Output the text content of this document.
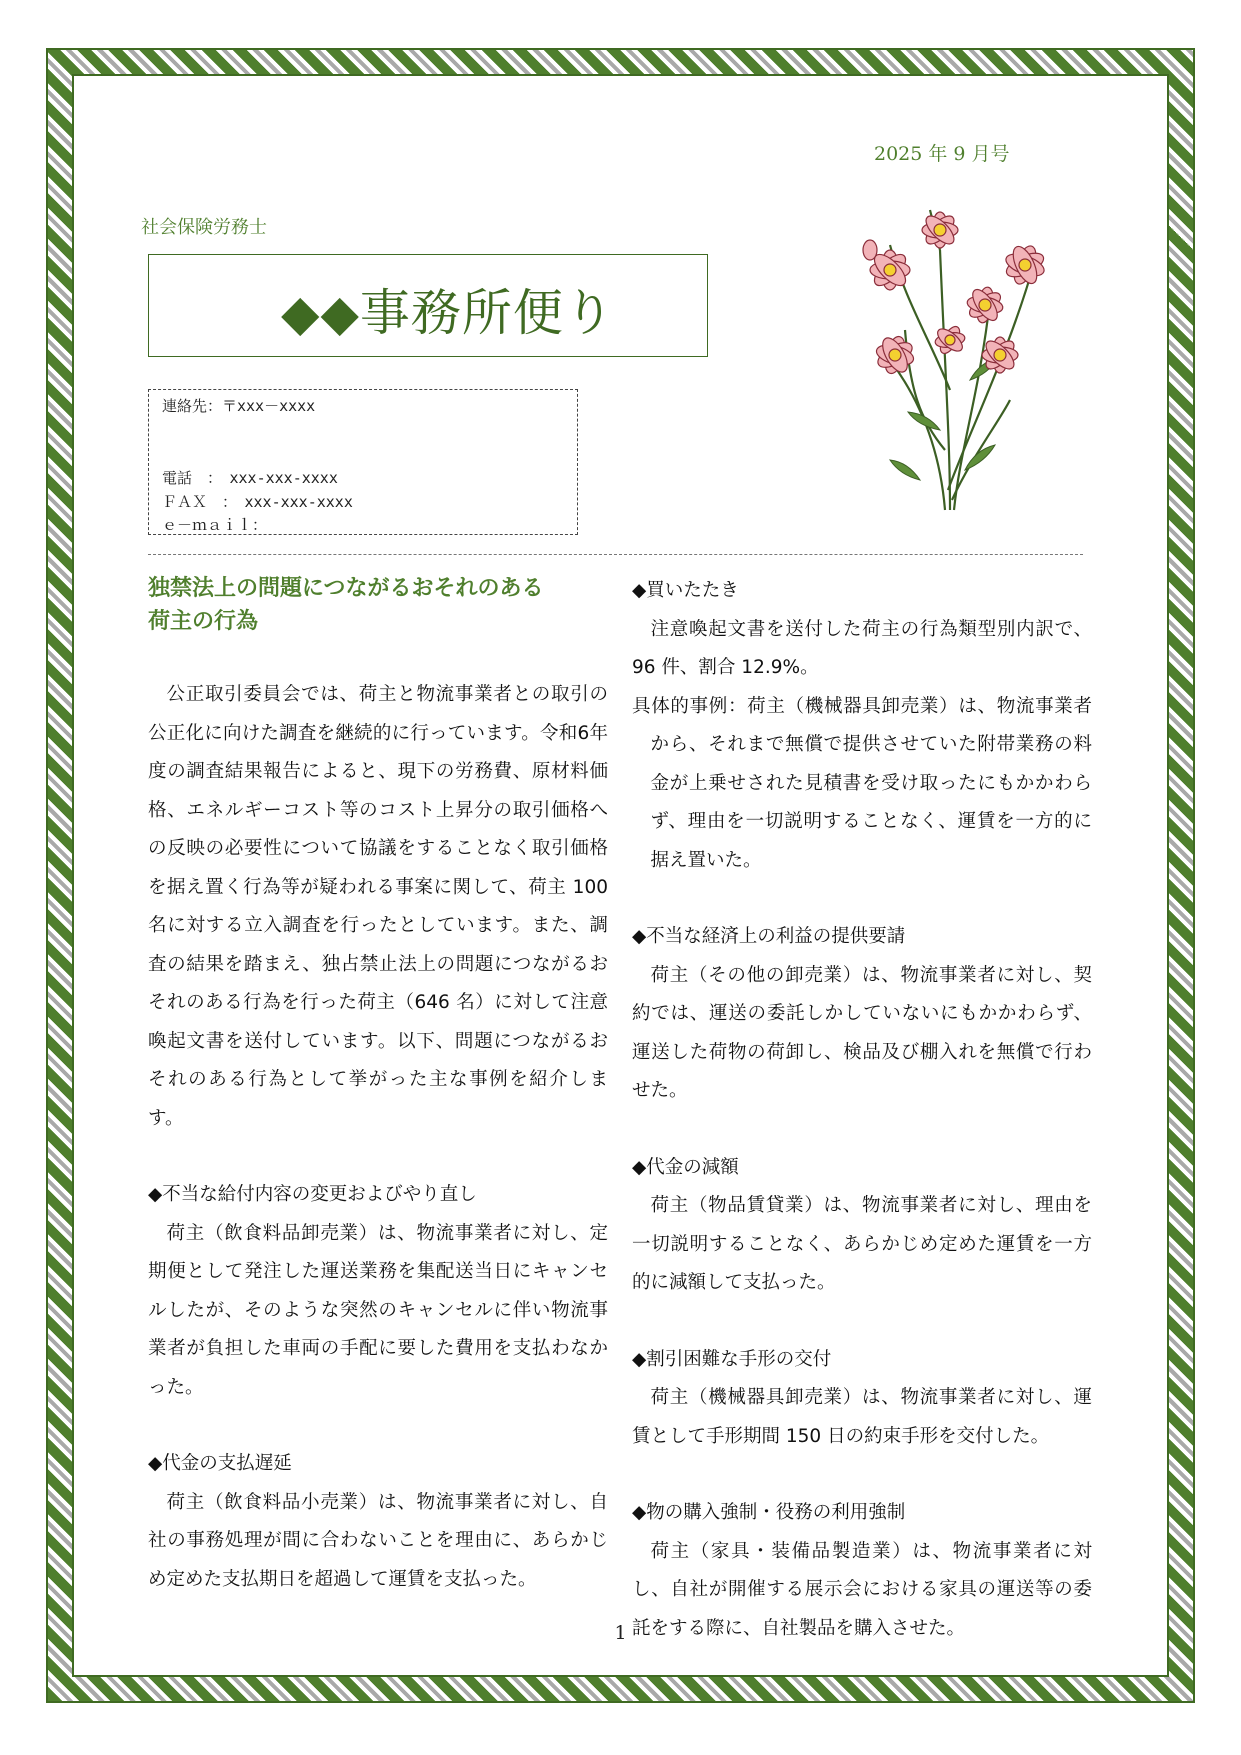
2025 年 9 月号
社会保険労務士
◆◆事務所便り
連絡先：〒xxx－xxxx
電話　：　xxx-xxx-xxxx
ＦＡＸ　：　xxx-xxx-xxxx
ｅ－ｍａｉｌ：

独禁法上の問題につながるおそれのある
荷主の行為

公正取引委員会では、荷主と物流事業者との取引の公正化に向けた調査を継続的に行っています。令和6年度の調査結果報告によると、現下の労務費、原材料価格、エネルギーコスト等のコスト上昇分の取引価格への反映の必要性について協議をすることなく取引価格を据え置く行為等が疑われる事案に関して、荷主 100 名に対する立入調査を行ったとしています。また、調査の結果を踏まえ、独占禁止法上の問題につながるおそれのある行為を行った荷主（646 名）に対して注意喚起文書を送付しています。以下、問題につながるおそれのある行為として挙がった主な事例を紹介します。

◆不当な給付内容の変更およびやり直し

荷主（飲食料品卸売業）は、物流事業者に対し、定期便として発注した運送業務を集配送当日にキャンセルしたが、そのような突然のキャンセルに伴い物流事業者が負担した車両の手配に要した費用を支払わなかった。

◆代金の支払遅延

荷主（飲食料品小売業）は、物流事業者に対し、自社の事務処理が間に合わないことを理由に、あらかじめ定めた支払期日を超過して運賃を支払った。

◆買いたたき

注意喚起文書を送付した荷主の行為類型別内訳で、96 件、割合 12.9%。

具体的事例：荷主（機械器具卸売業）は、物流事業者から、それまで無償で提供させていた附帯業務の料金が上乗せされた見積書を受け取ったにもかかわらず、理由を一切説明することなく、運賃を一方的に据え置いた。

◆不当な経済上の利益の提供要請

荷主（その他の卸売業）は、物流事業者に対し、契約では、運送の委託しかしていないにもかかわらず、運送した荷物の荷卸し、検品及び棚入れを無償で行わせた。

◆代金の減額

荷主（物品賃貸業）は、物流事業者に対し、理由を一切説明することなく、あらかじめ定めた運賃を一方的に減額して支払った。

◆割引困難な手形の交付

荷主（機械器具卸売業）は、物流事業者に対し、運賃として手形期間 150 日の約束手形を交付した。

◆物の購入強制・役務の利用強制

荷主（家具・装備品製造業）は、物流事業者に対し、自社が開催する展示会における家具の運送等の委託をする際に、自社製品を購入させた。

1
